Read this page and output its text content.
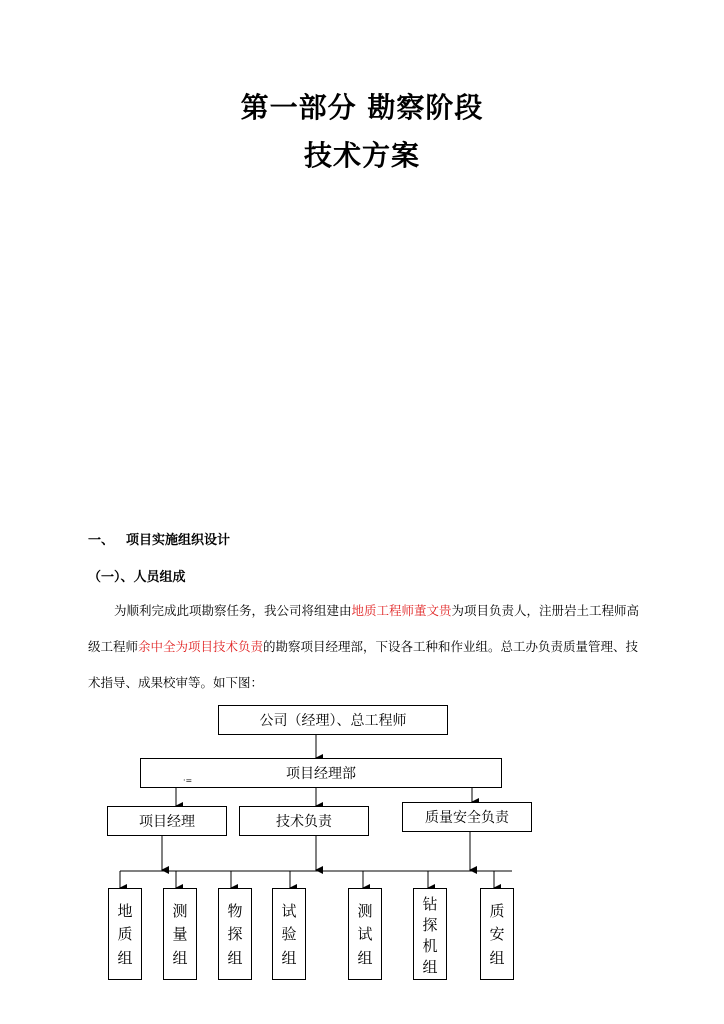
第一部分 勘察阶段
技术方案
一、 项目实施组织设计
（一）、人员组成
为顺利完成此项勘察任务，我公司将组建由地质工程师董文贵为项目负责人，注册岩土工程师高级工程师余中全为项目技术负责的勘察项目经理部，下设各工种和作业组。总工办负责质量管理、技术指导、成果校审等。如下图：
公司（经理）、总工程师
项目经理部
·=
项目经理	技术负责	质量安全负责
地
质
组
测
量
组
物
探
组
试
验
组
测
试
组
钻
探
机
组
质
安
组
